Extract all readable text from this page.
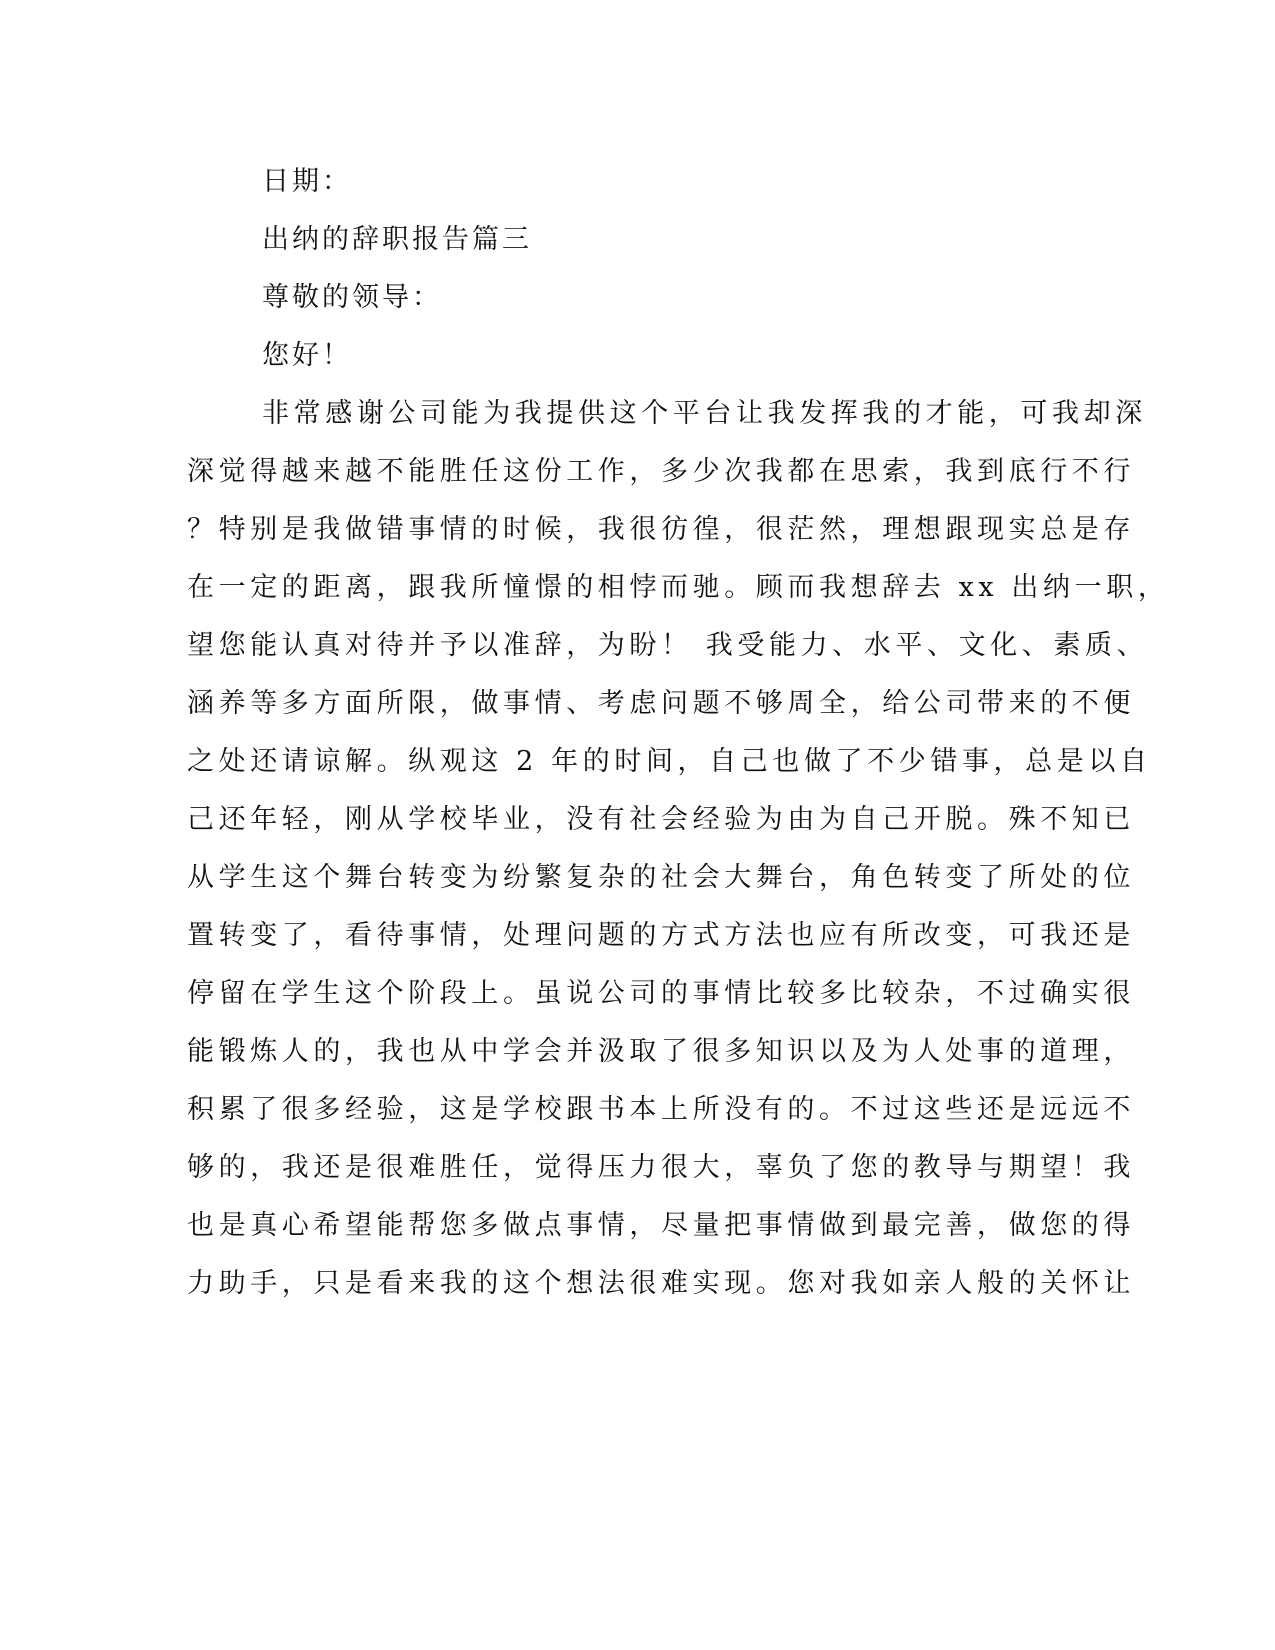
日期：
出纳的辞职报告篇三
尊敬的领导：
您好！
非常感谢公司能为我提供这个平台让我发挥我的才能，可我却深
深觉得越来越不能胜任这份工作，多少次我都在思索，我到底行不行
？特别是我做错事情的时候，我很彷徨，很茫然，理想跟现实总是存
在一定的距离，跟我所憧憬的相悖而驰。顾而我想辞去 xx 出纳一职，
望您能认真对待并予以准辞，为盼！ 我受能力、水平、文化、素质、
涵养等多方面所限，做事情、考虑问题不够周全，给公司带来的不便
之处还请谅解。纵观这 2 年的时间，自己也做了不少错事，总是以自
己还年轻，刚从学校毕业，没有社会经验为由为自己开脱。殊不知已
从学生这个舞台转变为纷繁复杂的社会大舞台，角色转变了所处的位
置转变了，看待事情，处理问题的方式方法也应有所改变，可我还是
停留在学生这个阶段上。虽说公司的事情比较多比较杂，不过确实很
能锻炼人的，我也从中学会并汲取了很多知识以及为人处事的道理，
积累了很多经验，这是学校跟书本上所没有的。不过这些还是远远不
够的，我还是很难胜任，觉得压力很大，辜负了您的教导与期望！我
也是真心希望能帮您多做点事情，尽量把事情做到最完善，做您的得
力助手，只是看来我的这个想法很难实现。您对我如亲人般的关怀让
